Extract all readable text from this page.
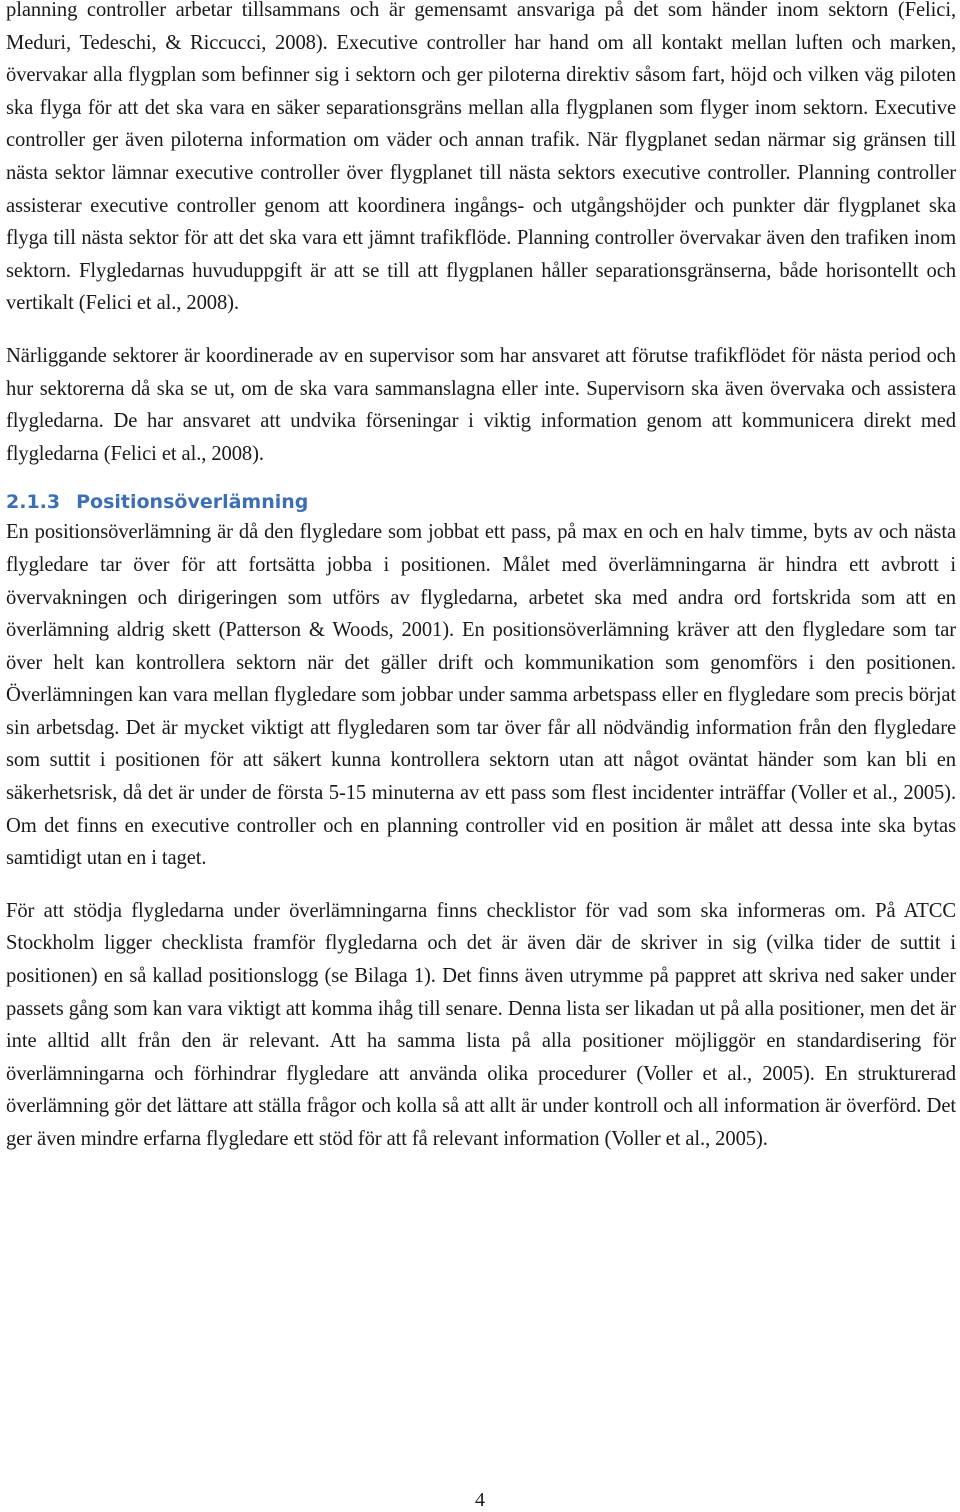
planning controller arbetar tillsammans och är gemensamt ansvariga på det som händer inom sektorn (Felici, Meduri, Tedeschi, & Riccucci, 2008). Executive controller har hand om all kontakt mellan luften och marken, övervakar alla flygplan som befinner sig i sektorn och ger piloterna direktiv såsom fart, höjd och vilken väg piloten ska flyga för att det ska vara en säker separationsgräns mellan alla flygplanen som flyger inom sektorn. Executive controller ger även piloterna information om väder och annan trafik. När flygplanet sedan närmar sig gränsen till nästa sektor lämnar executive controller över flygplanet till nästa sektors executive controller. Planning controller assisterar executive controller genom att koordinera ingångs- och utgångshöjder och punkter där flygplanet ska flyga till nästa sektor för att det ska vara ett jämnt trafikflöde. Planning controller övervakar även den trafiken inom sektorn. Flygledarnas huvuduppgift är att se till att flygplanen håller separationsgränserna, både horisontellt och vertikalt (Felici et al., 2008).

Närliggande sektorer är koordinerade av en supervisor som har ansvaret att förutse trafikflödet för nästa period och hur sektorerna då ska se ut, om de ska vara sammanslagna eller inte. Supervisorn ska även övervaka och assistera flygledarna. De har ansvaret att undvika förseningar i viktig information genom att kommunicera direkt med flygledarna (Felici et al., 2008).

2.1.3 Positionsöverlämning

En positionsöverlämning är då den flygledare som jobbat ett pass, på max en och en halv timme, byts av och nästa flygledare tar över för att fortsätta jobba i positionen. Målet med överlämningarna är hindra ett avbrott i övervakningen och dirigeringen som utförs av flygledarna, arbetet ska med andra ord fortskrida som att en överlämning aldrig skett (Patterson & Woods, 2001). En positionsöverlämning kräver att den flygledare som tar över helt kan kontrollera sektorn när det gäller drift och kommunikation som genomförs i den positionen. Överlämningen kan vara mellan flygledare som jobbar under samma arbetspass eller en flygledare som precis börjat sin arbetsdag. Det är mycket viktigt att flygledaren som tar över får all nödvändig information från den flygledare som suttit i positionen för att säkert kunna kontrollera sektorn utan att något oväntat händer som kan bli en säkerhetsrisk, då det är under de första 5-15 minuterna av ett pass som flest incidenter inträffar (Voller et al., 2005). Om det finns en executive controller och en planning controller vid en position är målet att dessa inte ska bytas samtidigt utan en i taget.

För att stödja flygledarna under överlämningarna finns checklistor för vad som ska informeras om. På ATCC Stockholm ligger checklista framför flygledarna och det är även där de skriver in sig (vilka tider de suttit i positionen) en så kallad positionslogg (se Bilaga 1). Det finns även utrymme på pappret att skriva ned saker under passets gång som kan vara viktigt att komma ihåg till senare. Denna lista ser likadan ut på alla positioner, men det är inte alltid allt från den är relevant. Att ha samma lista på alla positioner möjliggör en standardisering för överlämningarna och förhindrar flygledare att använda olika procedurer (Voller et al., 2005). En strukturerad överlämning gör det lättare att ställa frågor och kolla så att allt är under kontroll och all information är överförd. Det ger även mindre erfarna flygledare ett stöd för att få relevant information (Voller et al., 2005).

4
